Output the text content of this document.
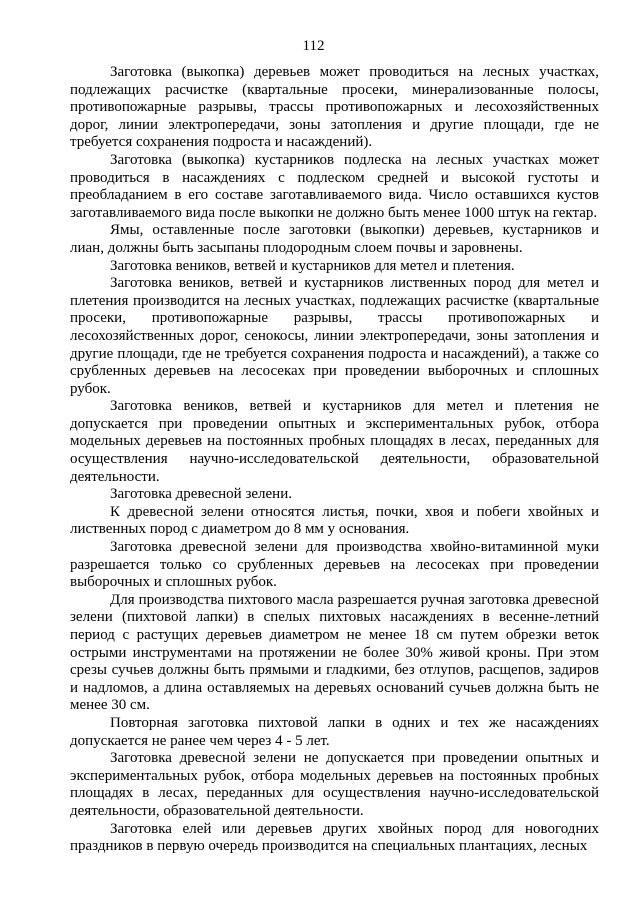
112

Заготовка (выкопка) деревьев может проводиться на лесных участках, подлежащих расчистке (квартальные просеки, минерализованные полосы, противопожарные разрывы, трассы противопожарных и лесохозяйственных дорог, линии электропередачи, зоны затопления и другие площади, где не требуется сохранения подроста и насаждений).

Заготовка (выкопка) кустарников подлеска на лесных участках может проводиться в насаждениях с подлеском средней и высокой густоты и преобладанием в его составе заготавливаемого вида. Число оставшихся кустов заготавливаемого вида после выкопки не должно быть менее 1000 штук на гектар.

Ямы, оставленные после заготовки (выкопки) деревьев, кустарников и лиан, должны быть засыпаны плодородным слоем почвы и заровнены.

Заготовка веников, ветвей и кустарников для метел и плетения.

Заготовка веников, ветвей и кустарников лиственных пород для метел и плетения производится на лесных участках, подлежащих расчистке (квартальные просеки, противопожарные разрывы, трассы противопожарных и лесохозяйственных дорог, сенокосы, линии электропередачи, зоны затопления и другие площади, где не требуется сохранения подроста и насаждений), а также со срубленных деревьев на лесосеках при проведении выборочных и сплошных рубок.

Заготовка веников, ветвей и кустарников для метел и плетения не допускается при проведении опытных и экспериментальных рубок, отбора модельных деревьев на постоянных пробных площадях в лесах, переданных для осуществления научно-исследовательской деятельности, образовательной деятельности.

Заготовка древесной зелени.

К древесной зелени относятся листья, почки, хвоя и побеги хвойных и лиственных пород с диаметром до 8 мм у основания.

Заготовка древесной зелени для производства хвойно-витаминной муки разрешается только со срубленных деревьев на лесосеках при проведении выборочных и сплошных рубок.

Для производства пихтового масла разрешается ручная заготовка древесной зелени (пихтовой лапки) в спелых пихтовых насаждениях в весенне-летний период с растущих деревьев диаметром не менее 18 см путем обрезки веток острыми инструментами на протяжении не более 30% живой кроны. При этом срезы сучьев должны быть прямыми и гладкими, без отлупов, расщепов, задиров и надломов, а длина оставляемых на деревьях оснований сучьев должна быть не менее 30 см.

Повторная заготовка пихтовой лапки в одних и тех же насаждениях допускается не ранее чем через 4 - 5 лет.

Заготовка древесной зелени не допускается при проведении опытных и экспериментальных рубок, отбора модельных деревьев на постоянных пробных площадях в лесах, переданных для осуществления научно-исследовательской деятельности, образовательной деятельности.

Заготовка елей или деревьев других хвойных пород для новогодних праздников в первую очередь производится на специальных плантациях, лесных
